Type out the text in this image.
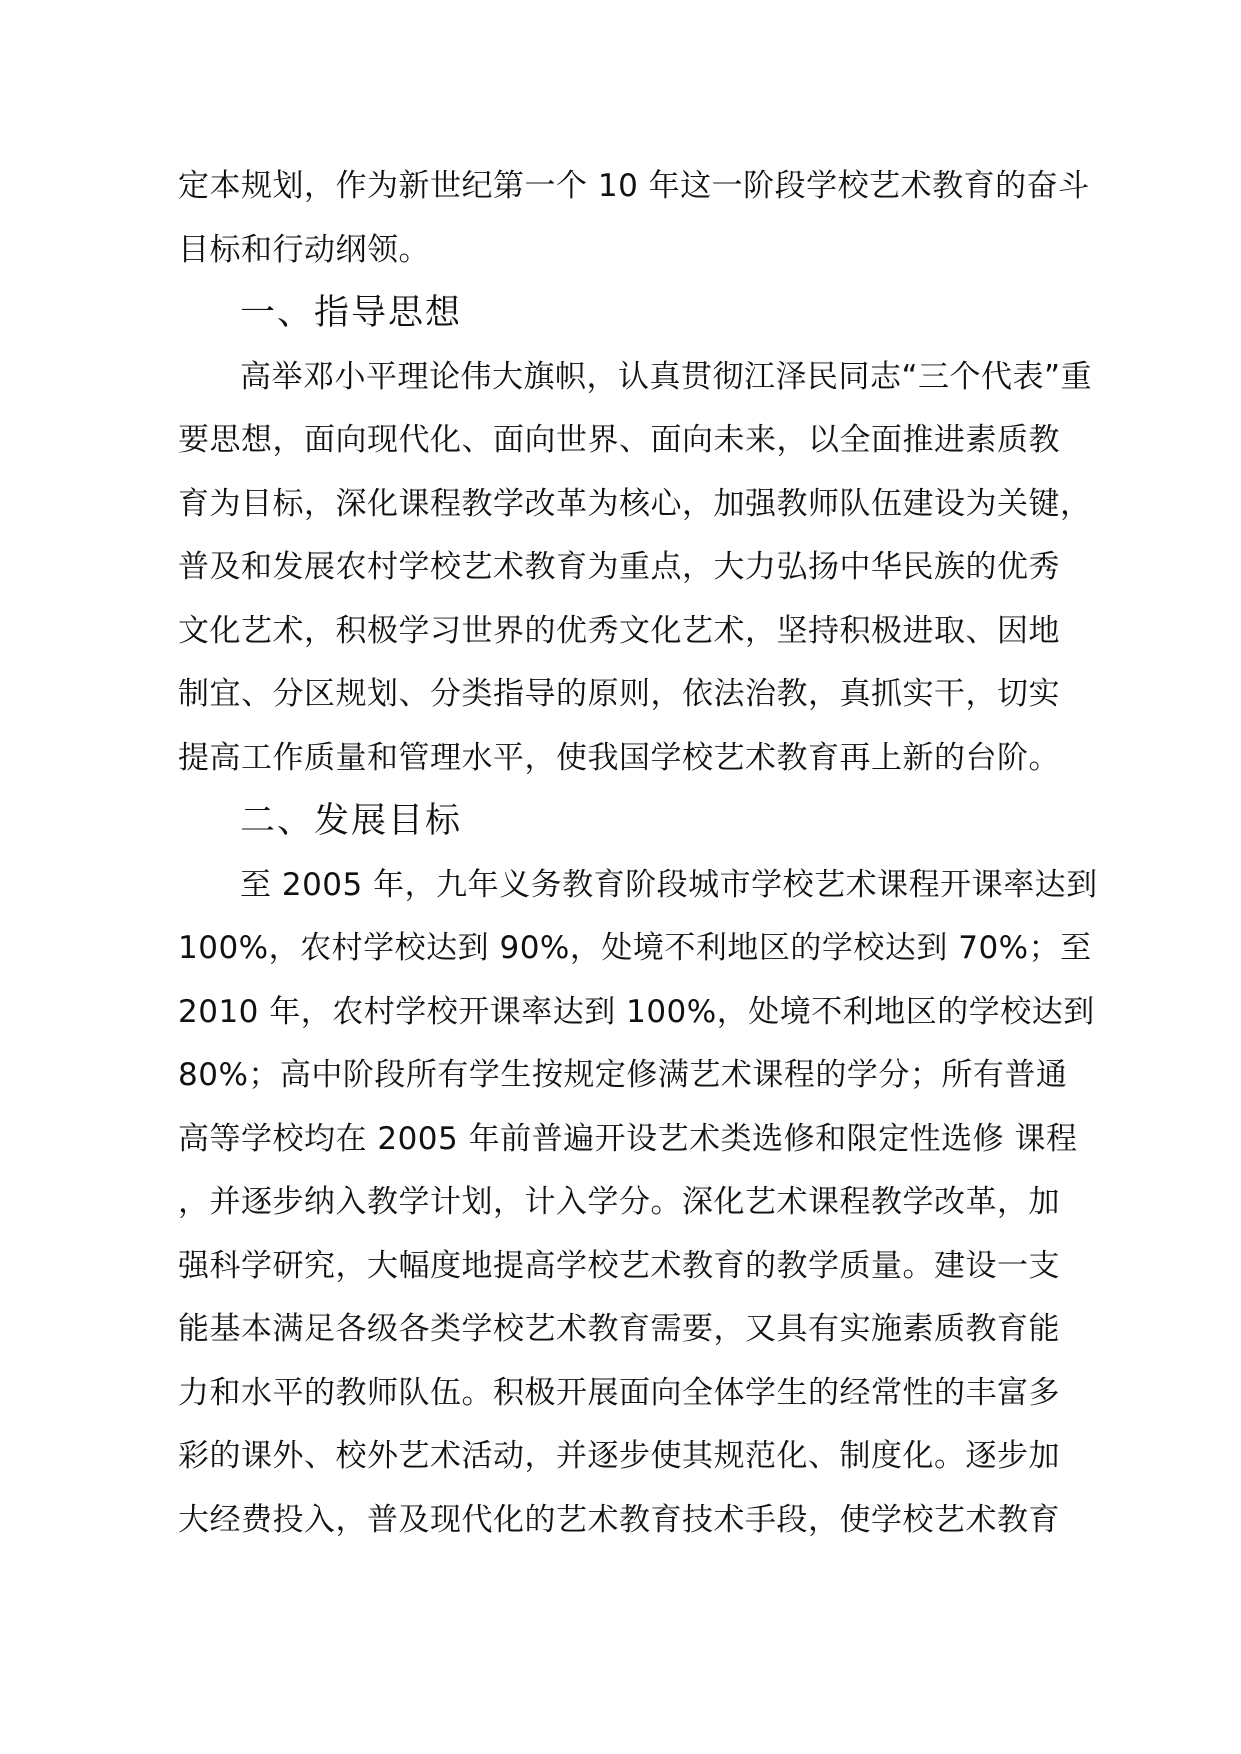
定本规划，作为新世纪第一个 10 年这一阶段学校艺术教育的奋斗
目标和行动纲领。
一、指导思想
高举邓小平理论伟大旗帜，认真贯彻江泽民同志“三个代表”重
要思想，面向现代化、面向世界、面向未来，以全面推进素质教
育为目标，深化课程教学改革为核心，加强教师队伍建设为关键，
普及和发展农村学校艺术教育为重点，大力弘扬中华民族的优秀
文化艺术，积极学习世界的优秀文化艺术，坚持积极进取、因地
制宜、分区规划、分类指导的原则，依法治教，真抓实干，切实
提高工作质量和管理水平，使我国学校艺术教育再上新的台阶。
二、发展目标
至 2005 年，九年义务教育阶段城市学校艺术课程开课率达到
100%，农村学校达到 90%，处境不利地区的学校达到 70%；至
2010 年，农村学校开课率达到 100%，处境不利地区的学校达到
80%；高中阶段所有学生按规定修满艺术课程的学分；所有普通
高等学校均在 2005 年前普遍开设艺术类选修和限定性选修 课程
，并逐步纳入教学计划，计入学分。深化艺术课程教学改革，加
强科学研究，大幅度地提高学校艺术教育的教学质量。建设一支
能基本满足各级各类学校艺术教育需要，又具有实施素质教育能
力和水平的教师队伍。积极开展面向全体学生的经常性的丰富多
彩的课外、校外艺术活动，并逐步使其规范化、制度化。逐步加
大经费投入，普及现代化的艺术教育技术手段，使学校艺术教育
